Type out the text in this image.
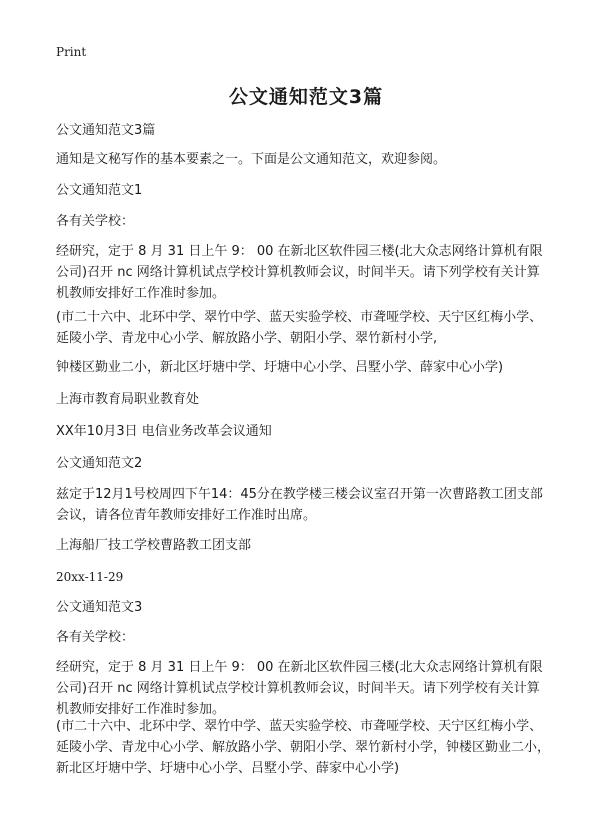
Print
公文通知范文3篇

公文通知范文3篇

通知是文秘写作的基本要素之一。下面是公文通知范文，欢迎参阅。

公文通知范文1

各有关学校：

经研究，定于 8 月 31 日上午 9： 00 在新北区软件园三楼(北大众志网络计算机有限公司)召开 nc 网络计算机试点学校计算机教师会议，时间半天。请下列学校有关计算机教师安排好工作准时参加。

(市二十六中、北环中学、翠竹中学、蓝天实验学校、市聋哑学校、天宁区红梅小学、延陵小学、青龙中心小学、解放路小学、朝阳小学、翠竹新村小学,

钟楼区勤业二小，新北区圩塘中学、圩塘中心小学、吕墅小学、薛家中心小学)

上海市教育局职业教育处

XX年10月3日 电信业务改革会议通知

公文通知范文2

兹定于12月1号校周四下午14：45分在教学楼三楼会议室召开第一次曹路教工团支部会议，请各位青年教师安排好工作准时出席。

上海船厂技工学校曹路教工团支部

20xx-11-29

公文通知范文3

各有关学校：

经研究，定于 8 月 31 日上午 9： 00 在新北区软件园三楼(北大众志网络计算机有限公司)召开 nc 网络计算机试点学校计算机教师会议，时间半天。请下列学校有关计算机教师安排好工作准时参加。

(市二十六中、北环中学、翠竹中学、蓝天实验学校、市聋哑学校、天宁区红梅小学、延陵小学、青龙中心小学、解放路小学、朝阳小学、翠竹新村小学，钟楼区勤业二小，新北区圩塘中学、圩塘中心小学、吕墅小学、薛家中心小学)
